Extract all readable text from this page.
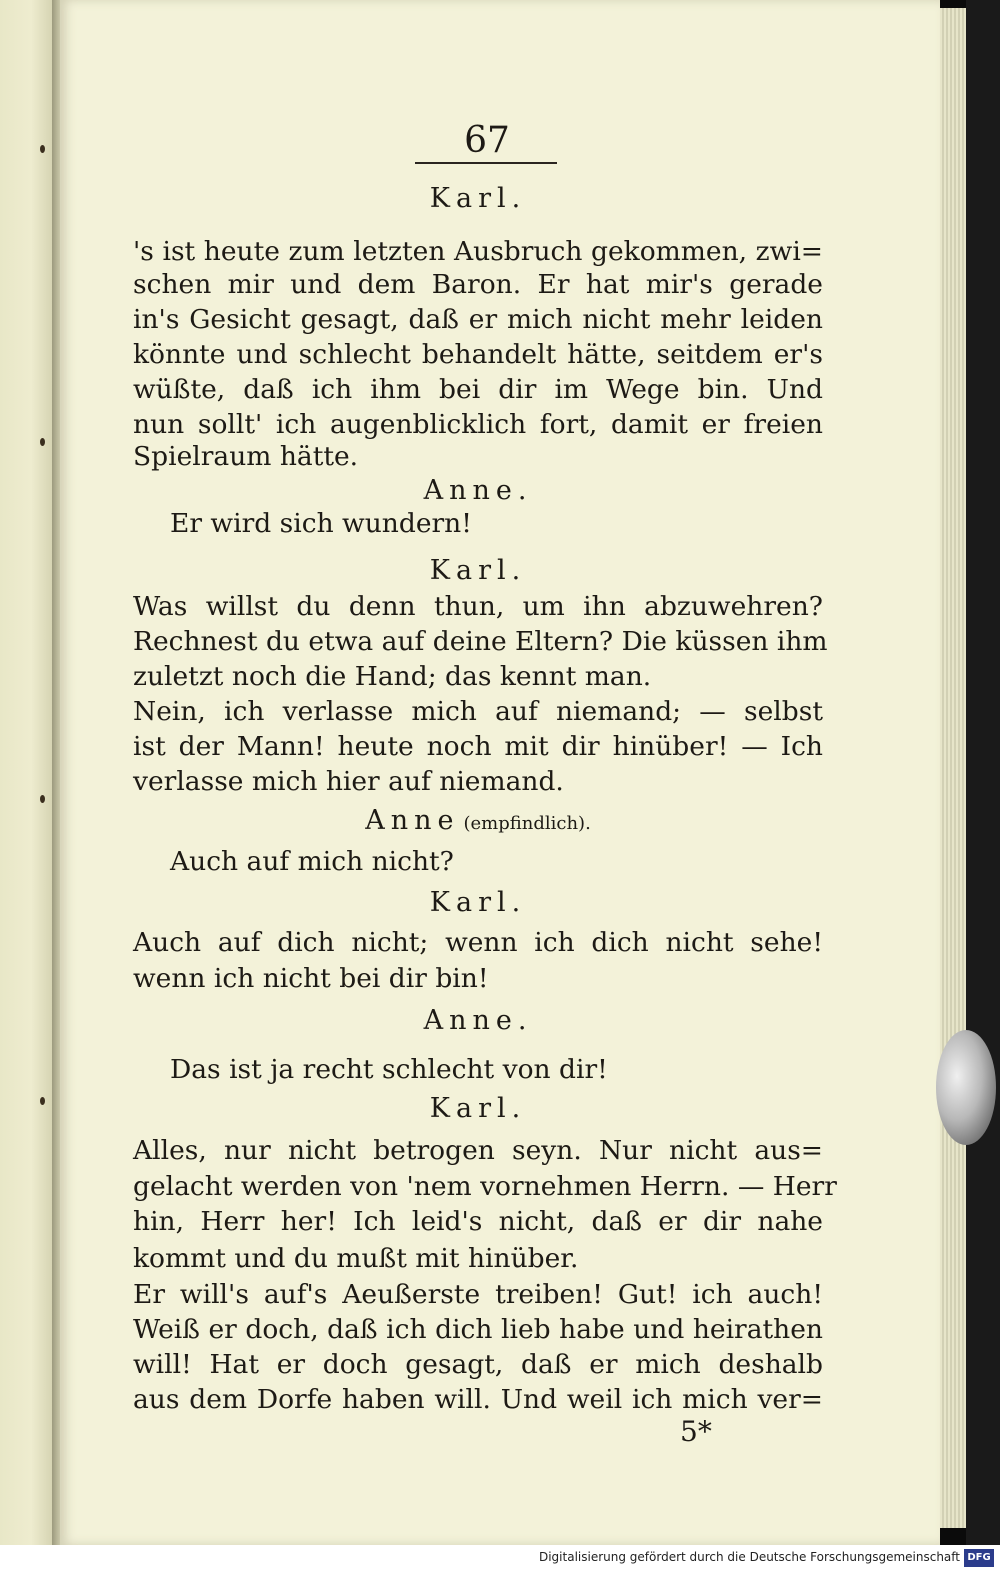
67
Karl.
's ist heute zum letzten Ausbruch gekommen, zwi=
schen mir und dem Baron. Er hat mir's gerade
in's Gesicht gesagt, daß er mich nicht mehr leiden
könnte und schlecht behandelt hätte, seitdem er's
wüßte, daß ich ihm bei dir im Wege bin. Und
nun sollt' ich augenblicklich fort, damit er freien
Spielraum hätte.
Anne.
Er wird sich wundern!
Karl.
Was willst du denn thun, um ihn abzuwehren?
Rechnest du etwa auf deine Eltern? Die küssen ihm
zuletzt noch die Hand; das kennt man.
Nein, ich verlasse mich auf niemand; — selbst
ist der Mann! heute noch mit dir hinüber! — Ich
verlasse mich hier auf niemand.
Anne (empfindlich).
Auch auf mich nicht?
Karl.
Auch auf dich nicht; wenn ich dich nicht sehe!
wenn ich nicht bei dir bin!
Anne.
Das ist ja recht schlecht von dir!
Karl.
Alles, nur nicht betrogen seyn. Nur nicht aus=
gelacht werden von 'nem vornehmen Herrn. — Herr
hin, Herr her! Ich leid's nicht, daß er dir nahe
kommt und du mußt mit hinüber.
Er will's auf's Aeußerste treiben! Gut! ich auch!
Weiß er doch, daß ich dich lieb habe und heirathen
will! Hat er doch gesagt, daß er mich deshalb
aus dem Dorfe haben will. Und weil ich mich ver=
5*
Digitalisierung gefördert durch die Deutsche Forschungsgemeinschaft DFG
